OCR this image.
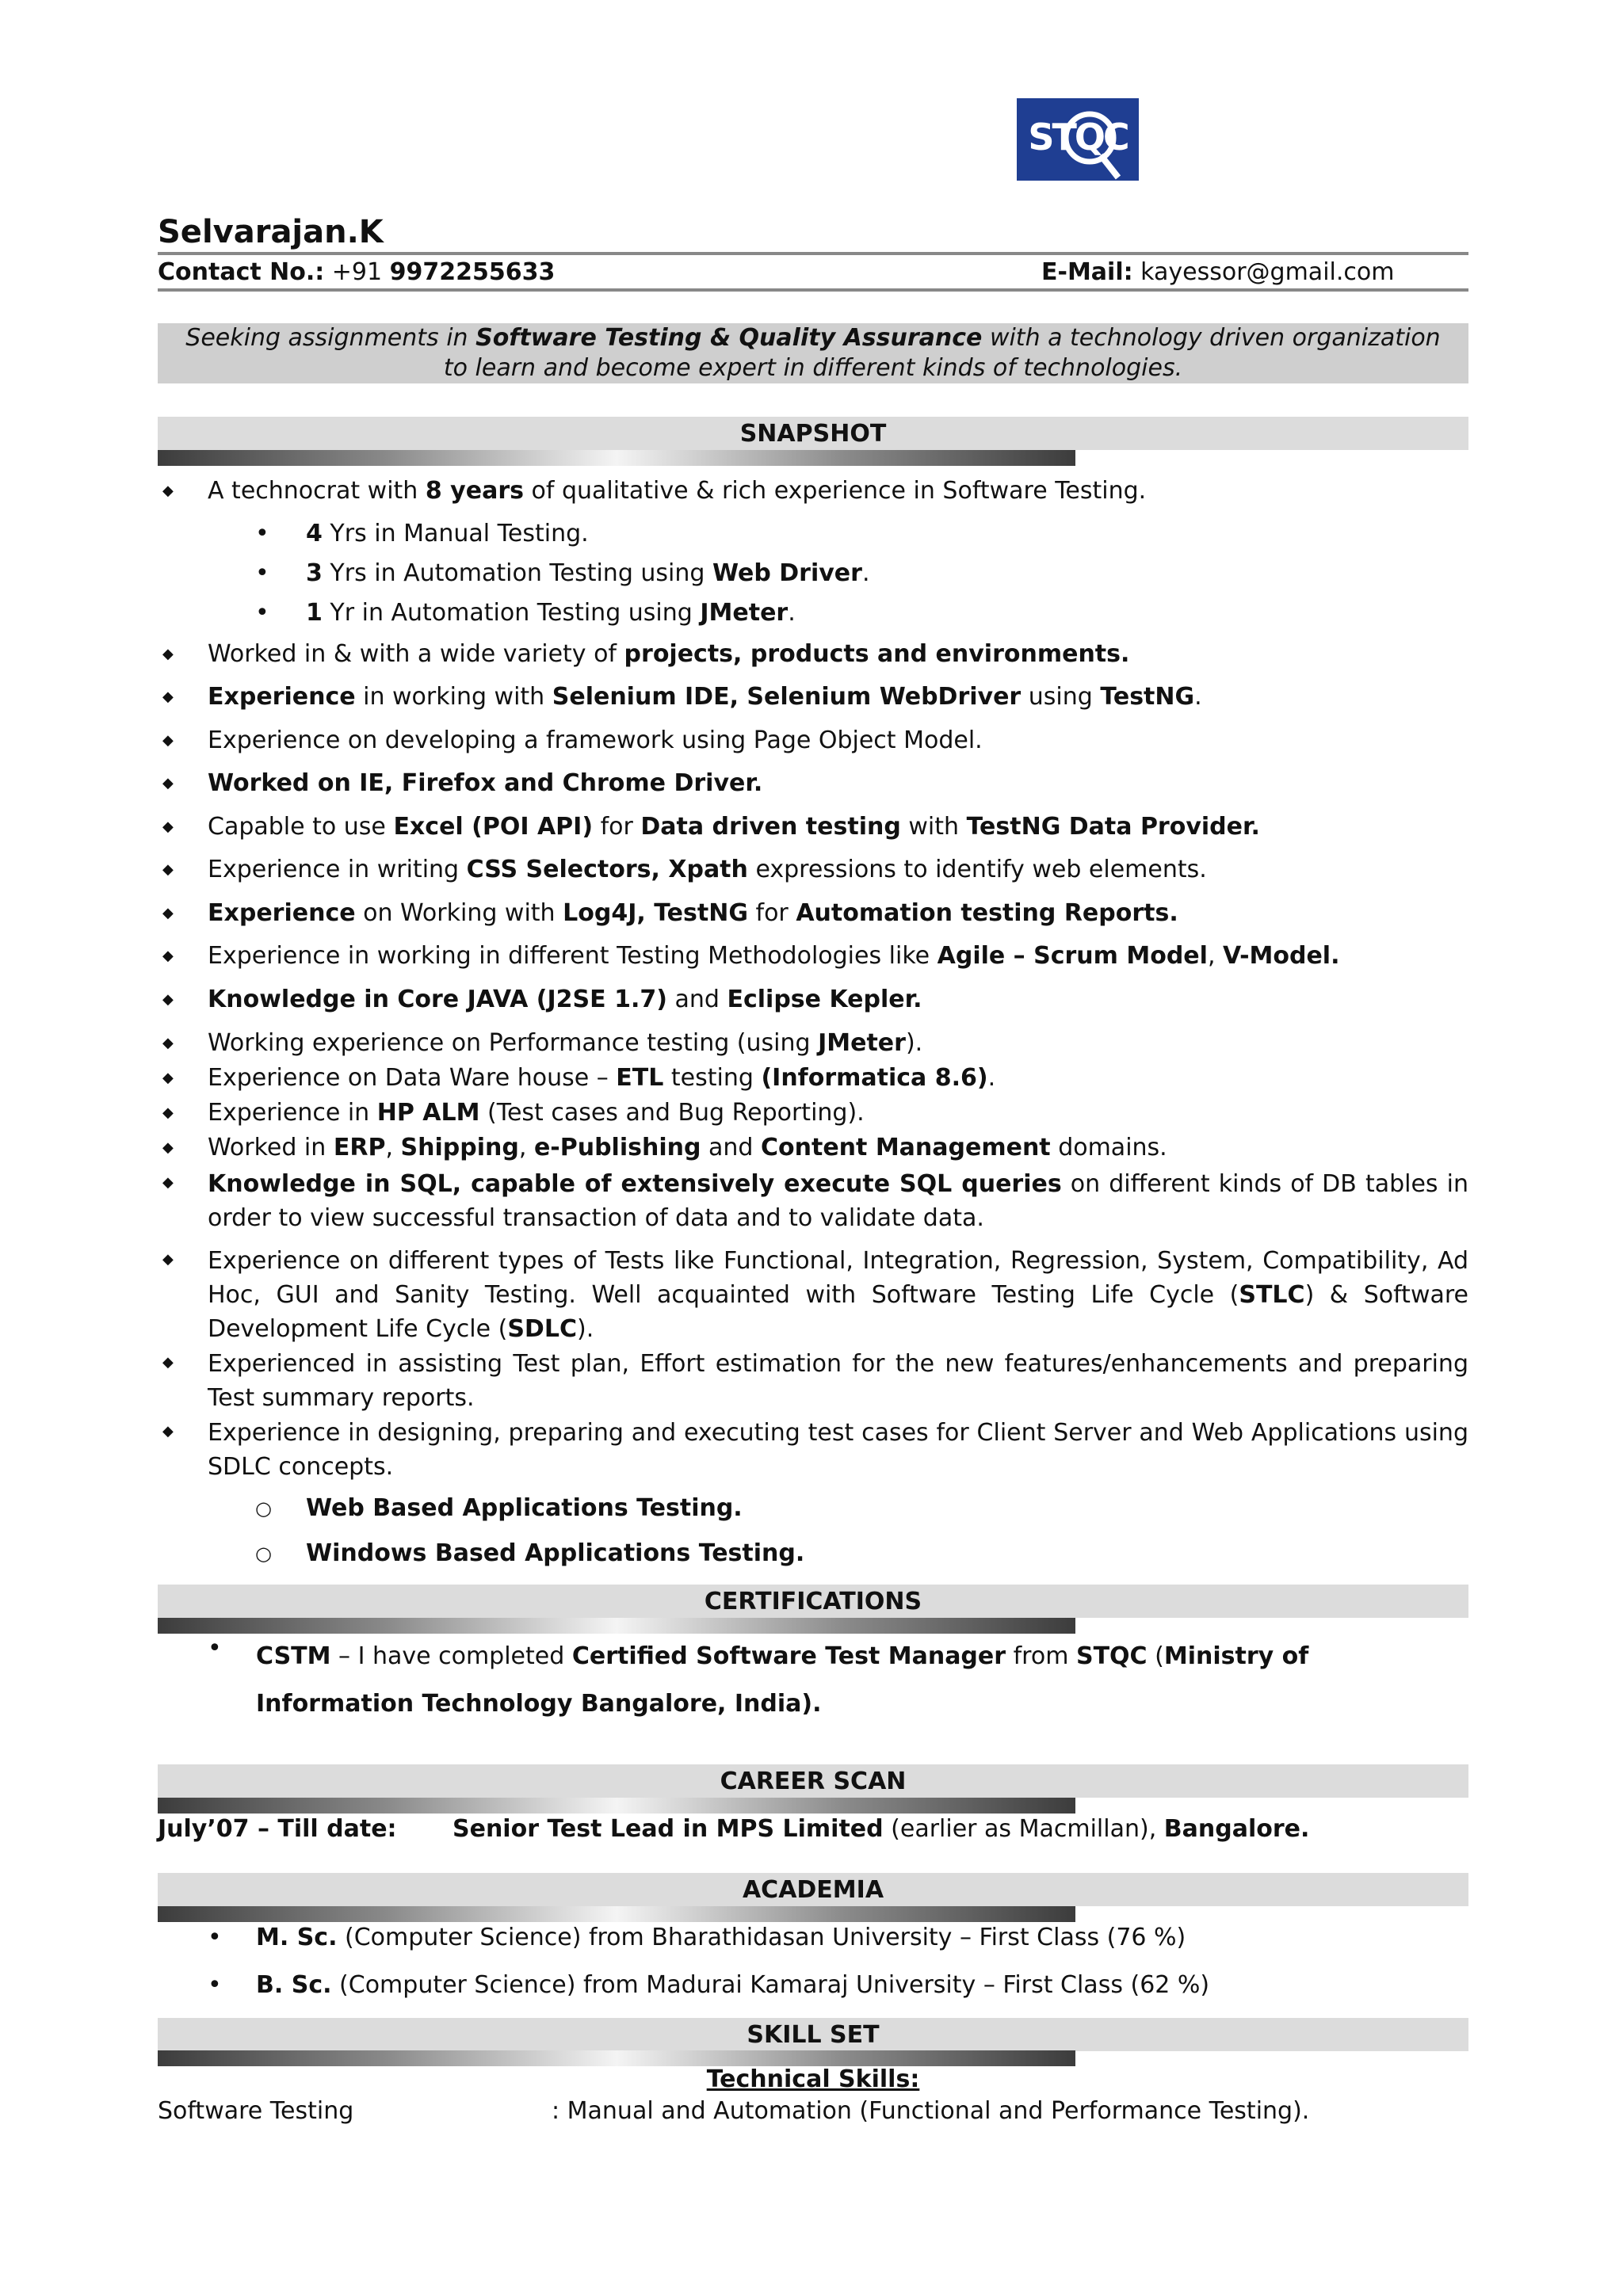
STQC
Selvarajan.K
Contact No.: +91 9972255633	E-Mail: kayessor@gmail.com
Seeking assignments in Software Testing & Quality Assurance with a technology driven organization
to learn and become expert in different kinds of technologies.
SNAPSHOT
◆ A technocrat with 8 years of qualitative & rich experience in Software Testing.
• 4 Yrs in Manual Testing.
• 3 Yrs in Automation Testing using Web Driver.
• 1 Yr in Automation Testing using JMeter.
◆ Worked in & with a wide variety of projects, products and environments.
◆ Experience in working with Selenium IDE, Selenium WebDriver using TestNG.
◆ Experience on developing a framework using Page Object Model.
◆ Worked on IE, Firefox and Chrome Driver.
◆ Capable to use Excel (POI API) for Data driven testing with TestNG Data Provider.
◆ Experience in writing CSS Selectors, Xpath expressions to identify web elements.
◆ Experience on Working with Log4J, TestNG for Automation testing Reports.
◆ Experience in working in different Testing Methodologies like Agile – Scrum Model, V-Model.
◆ Knowledge in Core JAVA (J2SE 1.7) and Eclipse Kepler.
◆ Working experience on Performance testing (using JMeter).
◆ Experience on Data Ware house – ETL testing (Informatica 8.6).
◆ Experience in HP ALM (Test cases and Bug Reporting).
◆ Worked in ERP, Shipping, e-Publishing and Content Management domains.
◆ Knowledge in SQL, capable of extensively execute SQL queries on different kinds of DB tables in order to view successful transaction of data and to validate data.
◆ Experience on different types of Tests like Functional, Integration, Regression, System, Compatibility, Ad Hoc, GUI and Sanity Testing. Well acquainted with Software Testing Life Cycle (STLC) & Software Development Life Cycle (SDLC).
◆ Experienced in assisting Test plan, Effort estimation for the new features/enhancements and preparing Test summary reports.
◆ Experience in designing, preparing and executing test cases for Client Server and Web Applications using SDLC concepts.
○ Web Based Applications Testing.
○ Windows Based Applications Testing.
CERTIFICATIONS
• CSTM – I have completed Certified Software Test Manager from STQC (Ministry of
Information Technology Bangalore, India).
CAREER SCAN
July’07 – Till date: Senior Test Lead in MPS Limited (earlier as Macmillan), Bangalore.
ACADEMIA
• M. Sc. (Computer Science) from Bharathidasan University – First Class (76 %)
• B. Sc. (Computer Science) from Madurai Kamaraj University – First Class (62 %)
SKILL SET
Technical Skills:
Software Testing	: Manual and Automation (Functional and Performance Testing).
